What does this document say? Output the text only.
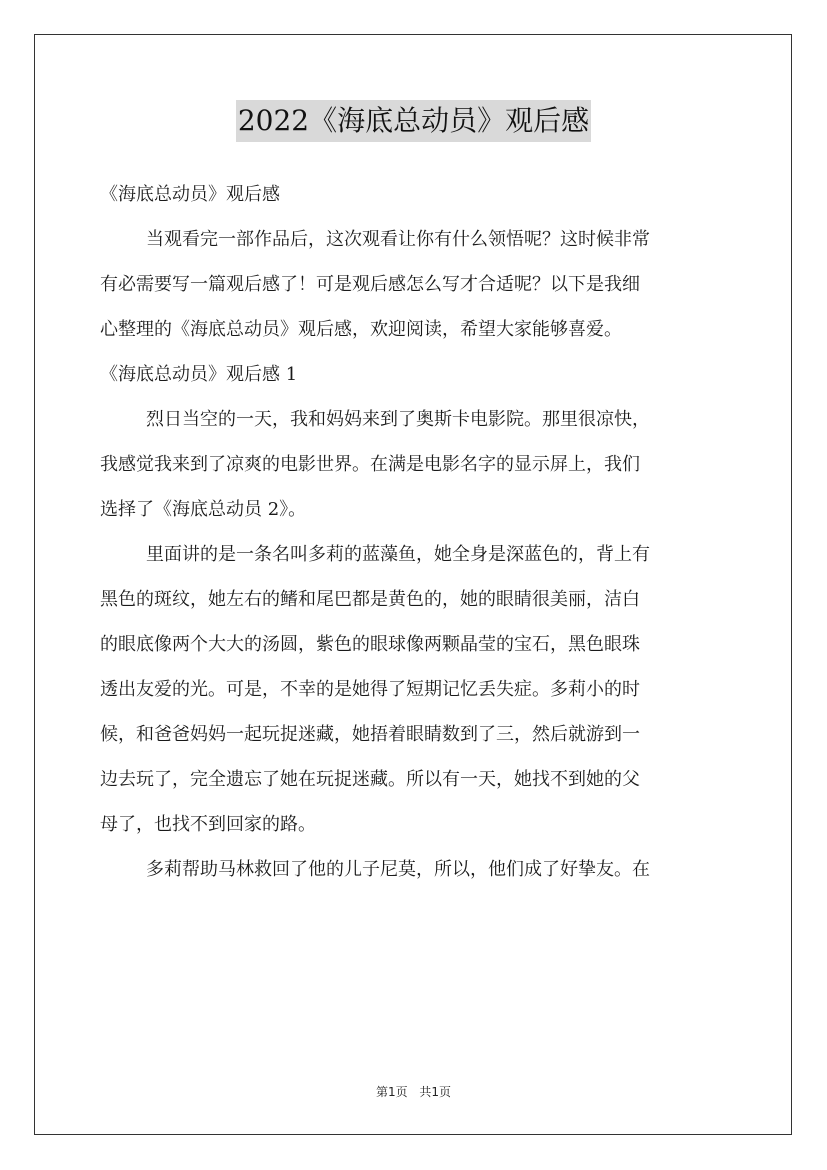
2022《海底总动员》观后感
《海底总动员》观后感
当观看完一部作品后，这次观看让你有什么领悟呢？这时候非常
有必需要写一篇观后感了！可是观后感怎么写才合适呢？以下是我细
心整理的《海底总动员》观后感，欢迎阅读，希望大家能够喜爱。
《海底总动员》观后感 1
烈日当空的一天，我和妈妈来到了奥斯卡电影院。那里很凉快，
我感觉我来到了凉爽的电影世界。在满是电影名字的显示屏上，我们
选择了《海底总动员 2》。
里面讲的是一条名叫多莉的蓝藻鱼，她全身是深蓝色的，背上有
黑色的斑纹，她左右的鳍和尾巴都是黄色的，她的眼睛很美丽，洁白
的眼底像两个大大的汤圆，紫色的眼球像两颗晶莹的宝石，黑色眼珠
透出友爱的光。可是，不幸的是她得了短期记忆丢失症。多莉小的时
候，和爸爸妈妈一起玩捉迷藏，她捂着眼睛数到了三，然后就游到一
边去玩了，完全遗忘了她在玩捉迷藏。所以有一天，她找不到她的父
母了，也找不到回家的路。
多莉帮助马林救回了他的儿子尼莫，所以，他们成了好挚友。在
第1页 共1页
